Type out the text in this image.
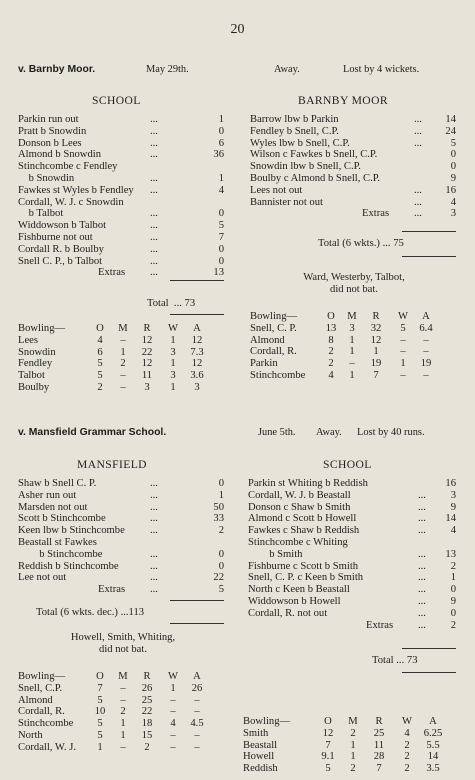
20
v. Barnby Moor.	May 29th.	Away.	Lost by 4 wickets.
SCHOOL	BARNBY MOOR
Parkin run out	...	1
Pratt b Snowdin	...	0
Donson b Lees	...	6
Almond b Snowdin	...	36
Stinchcombe c Fendley
b Snowdin	...	1
Fawkes st Wyles b Fendley ...	4
Cordall, W. J. c Snowdin
b Talbot	...	0
Widdowson b Talbot	...	5
Fishburne not out	...	7
Cordall R. b Boulby	...	0
Snell C. P., b Talbot	...	0
Extras ...	13
Total ... 73
Bowling—	O	M	R	W	A
Lees	4	–	12	1	12
Snowdin	6	1	22	3	7.3
Fendley	5	2	12	1	12
Talbot	5	–	11	3	3.6
Boulby	2	–	3	1	3
Barrow lbw b Parkin	... 14
Fendley b Snell, C.P.	... 24
Wyles lbw b Snell, C.P.	...	5
Wilson c Fawkes b Snell, C.P.	0
Snowdin lbw b Snell, C.P.	0
Boulby c Almond b Snell, C.P.	9
Lees not out	... 16
Bannister not out	...	4
Extras ...	3
Total (6 wkts.) ... 75
Ward, Westerby, Talbot,
did not bat.
Bowling—	O	M	R	W	A
Snell, C. P.	13	3	32	5	6.4
Almond	8	1	12	–	–
Cordall, R.	2	1	1	–	–
Parkin	2	–	19	1	19
Stinchcombe	4	1	7	–	–
v. Mansfield Grammar School.	June 5th. Away. Lost by 40 runs.
MANSFIELD	SCHOOL
Shaw b Snell C. P.	...	0
Asher run out	...	1
Marsden not out	...	50
Scott b Stinchcombe	...	33
Keen lbw b Stinchcombe ...	2
Beastall st Fawkes
b Stinchcombe	...	0
Reddish b Stinchcombe	...	0
Lee not out	...	22
Extras ...	5
Total (6 wkts. dec.) ...113
Howell, Smith, Whiting,
did not bat.
Bowling—	O	M	R	W	A
Snell, C.P.	7	–	26	1	26
Almond	5	–	25	–	–
Cordall, R.	10	2	22	–	–
Stinchcombe	5	1	18	4	4.5
North	5	1	15	–	–
Cordall, W. J.	1	–	2	–	–
Parkin st Whiting b Reddish	16
Cordall, W. J. b Beastall	... 3
Donson c Shaw b Smith	... 9
Almond c Scott b Howell	... 14
Fawkes c Shaw b Reddish	... 4
Stinchcombe c Whiting
b Smith	... 13
Fishburne c Scott b Smith	... 2
Snell, C. P. c Keen b Smith	... 1
North c Keen b Beastall	... 0
Widdowson b Howell	... 9
Cordall, R. not out	... 0
Extras ... 2
Total ... 73
Bowling—	O	M	R	W	A
Smith	12	2	25	4	6.25
Beastall	7	1	11	2	5.5
Howell	9.1	1	28	2	14
Reddish	5	2	7	2	3.5
